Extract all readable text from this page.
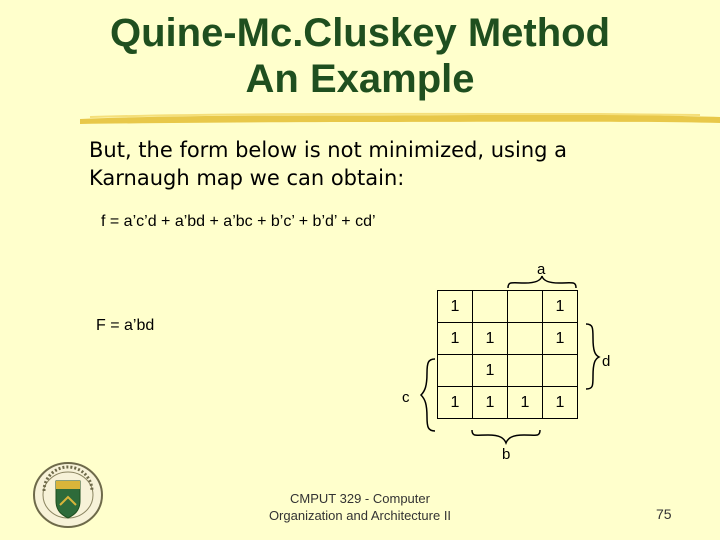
Quine-Mc.Cluskey Method
An Example
But, the form below is not minimized, using a Karnaugh map we can obtain:
f = a’c’d + a’bd + a’bc + b’c’ + b’d’ + cd’
F = a’bd
1			1
1	1		1
	1		
1	1	1	1
a
d
c
b
CMPUT 329 - Computer
Organization and Architecture II	75
